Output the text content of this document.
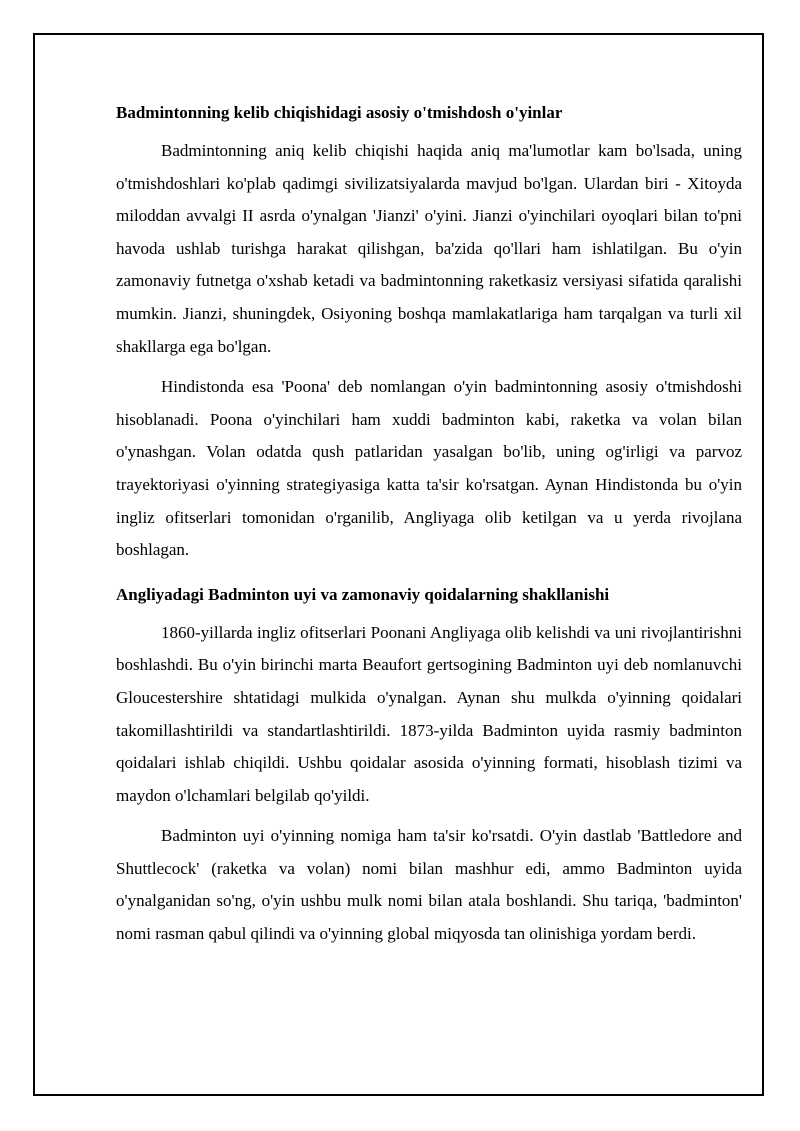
Badmintonning kelib chiqishidagi asosiy o'tmishdosh o'yinlar

Badmintonning aniq kelib chiqishi haqida aniq ma'lumotlar kam bo'lsada, uning o'tmishdoshlari ko'plab qadimgi sivilizatsiyalarda mavjud bo'lgan. Ulardan biri - Xitoyda miloddan avvalgi II asrda o'ynalgan 'Jianzi' o'yini. Jianzi o'yinchilari oyoqlari bilan to'pni havoda ushlab turishga harakat qilishgan, ba'zida qo'llari ham ishlatilgan. Bu o'yin zamonaviy futnetga o'xshab ketadi va badmintonning raketkasiz versiyasi sifatida qaralishi mumkin. Jianzi, shuningdek, Osiyoning boshqa mamlakatlariga ham tarqalgan va turli xil shakllarga ega bo'lgan.

Hindistonda esa 'Poona' deb nomlangan o'yin badmintonning asosiy o'tmishdoshi hisoblanadi. Poona o'yinchilari ham xuddi badminton kabi, raketka va volan bilan o'ynashgan. Volan odatda qush patlaridan yasalgan bo'lib, uning og'irligi va parvoz trayektoriyasi o'yinning strategiyasiga katta ta'sir ko'rsatgan. Aynan Hindistonda bu o'yin ingliz ofitserlari tomonidan o'rganilib, Angliyaga olib ketilgan va u yerda rivojlana boshlagan.

Angliyadagi Badminton uyi va zamonaviy qoidalarning shakllanishi

1860-yillarda ingliz ofitserlari Poonani Angliyaga olib kelishdi va uni rivojlantirishni boshlashdi. Bu o'yin birinchi marta Beaufort gertsogining Badminton uyi deb nomlanuvchi Gloucestershire shtatidagi mulkida o'ynalgan. Aynan shu mulkda o'yinning qoidalari takomillashtirildi va standartlashtirildi. 1873-yilda Badminton uyida rasmiy badminton qoidalari ishlab chiqildi. Ushbu qoidalar asosida o'yinning formati, hisoblash tizimi va maydon o'lchamlari belgilab qo'yildi.

Badminton uyi o'yinning nomiga ham ta'sir ko'rsatdi. O'yin dastlab 'Battledore and Shuttlecock' (raketka va volan) nomi bilan mashhur edi, ammo Badminton uyida o'ynalganidan so'ng, o'yin ushbu mulk nomi bilan atala boshlandi. Shu tariqa, 'badminton' nomi rasman qabul qilindi va o'yinning global miqyosda tan olinishiga yordam berdi.
